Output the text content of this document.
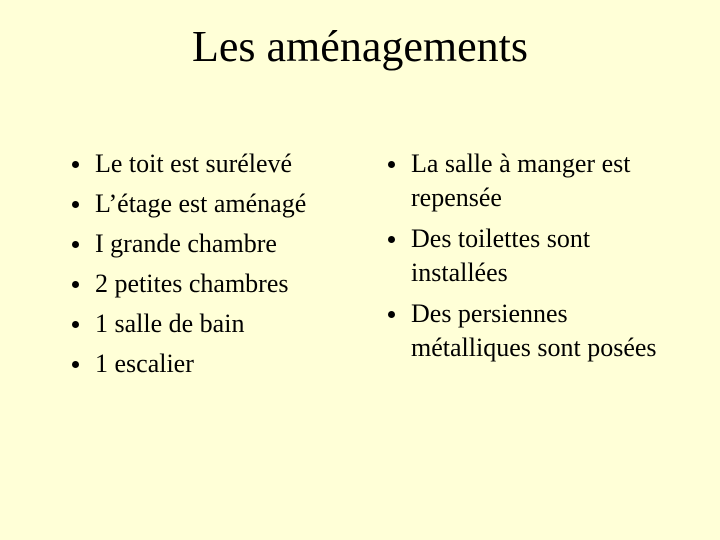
Les aménagements
Le toit est surélevé
L’étage est aménagé
I grande chambre
2 petites chambres
1 salle de bain
1 escalier
La salle à manger est repensée
Des toilettes sont installées
Des persiennes métalliques sont posées
